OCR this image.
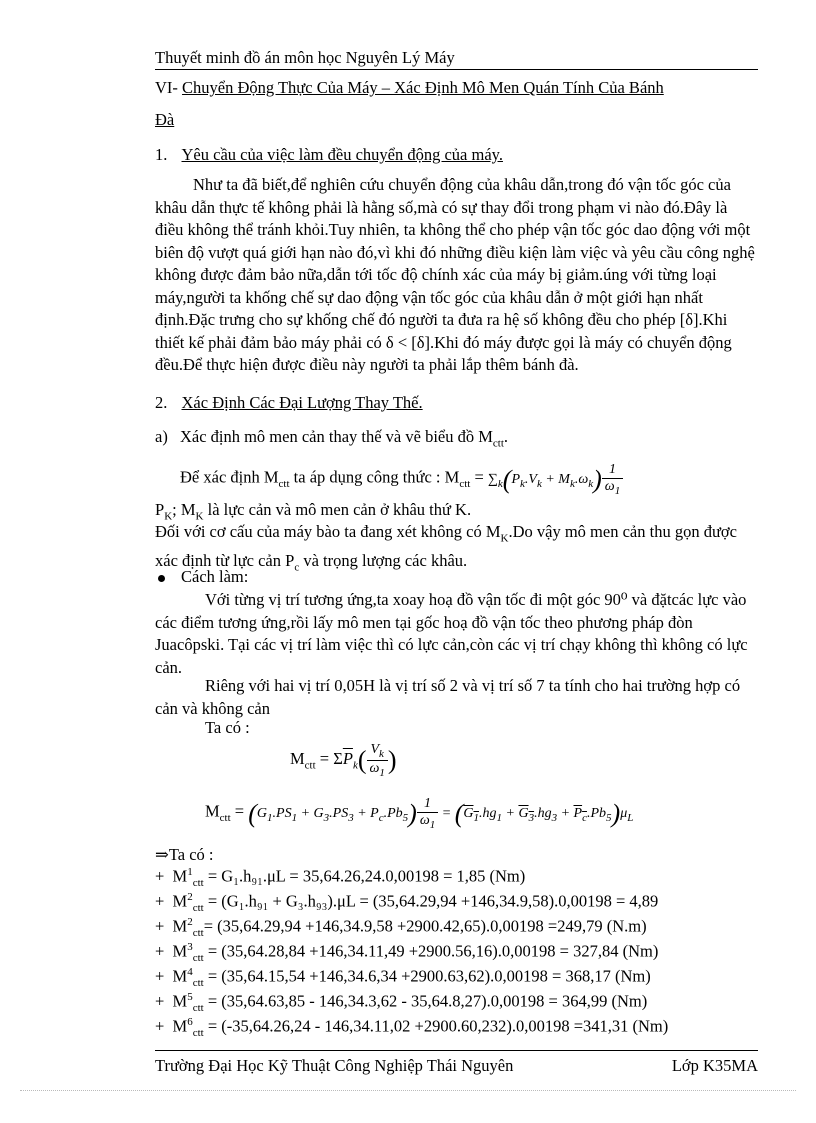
Thuyết minh đồ án môn học Nguyên Lý Máy
VI- Chuyển Động Thực Của Máy – Xác Định Mô Men Quán Tính Của Bánh
Đà
1. Yêu cầu của việc làm đều chuyển động của máy.
Như ta đã biết,để nghiên cứu chuyển động của khâu dẫn,trong đó vận tốc góc của khâu dẫn thực tế không phải là hằng số,mà có sự thay đổi trong phạm vi nào đó.Đây là điều không thể tránh khỏi.Tuy nhiên, ta không thể cho phép vận tốc góc dao động với một biên độ vượt quá giới hạn nào đó,vì khi đó những điều kiện làm việc và yêu cầu công nghệ không được đảm bảo nữa,dẫn tới tốc độ chính xác của máy bị giảm.úng với từng loại máy,người ta khống chế sự dao động vận tốc góc của khâu dẫn ở một giới hạn nhất định.Đặc trưng cho sự khống chế đó người ta đưa ra hệ số không đều cho phép [δ].Khi thiết kế phải đảm bảo máy phải có δ < [δ].Khi đó máy được gọi là máy có chuyển động đều.Để thực hiện được điều này người ta phải lắp thêm bánh đà.
2. Xác Định Các Đại Lượng Thay Thế.
a) Xác định mô men cản thay thế và vẽ biểu đồ $M_{ctt}$.
Để xác định $M_{ctt}$ ta áp dụng công thức : $M_{ctt} = \sum_k(P_k.V_k + M_k.\omega_k) \frac{1}{\omega_1}$
$P_K$; $M_K$ là lực cản và mô men cản ở khâu thứ K.
Đối với cơ cấu của máy bào ta đang xét không có $M_K.Do$ vậy mô men cản thu gọn được xác định từ lực cản $P_c$ và trọng lượng các khâu.
Cách làm:
Với từng vị trí tương ứng,ta xoay hoạ đồ vận tốc đi một góc 90⁰ và đặtcác lực vào các điểm tương ứng,rồi lấy mô men tại gốc hoạ đồ vận tốc theo phương pháp đòn Juacôpski. Tại các vị trí làm việc thì có lực cản,còn các vị trí chạy không thì không có lực cản.
Riêng với hai vị trí 0,05H là vị trí số 2 và vị trí số 7 ta tính cho hai trường hợp có cản và không cản
Ta có :
$M_{ctt} = \Sigma\overline{P}_k( \frac{V_k}{\omega_1}$ )
$M_{ctt} = (G_1.PS_1 + G_3.PS_3 + P_c.Pb_5) \frac{1}{\omega_1} = (G_1.hg_1 + G_3.hg_3 + P_c.Pb_5)\mu_L$
⇒Ta có :
+  $M^1_{ctt} = G_1.h_{91}.\mu L = 35,64.26,24.0,00198 = 1,85$ (Nm)
+  $M^2_{ctt} = (G_1.h_{91} + G_3.h_{93}).\mu L = (35,64.29,94 +146,34.9,58).0,00198 = 4,89$
+  $M^2_{ctt}= (35,64.29,94 +146,34.9,58 +2900.42,65).0,00198 =249,79$ (N.m)
+  $M^3_{ctt} = (35,64.28,84 +146,34.11,49 +2900.56,16).0,00198 = 327,84$ (Nm)
+  $M^4_{ctt} = (35,64.15,54 +146,34.6,34 +2900.63,62).0,00198 = 368,17$ (Nm)
+  $M^5_{ctt} = (35,64.63,85 - 146,34.3,62 - 35,64.8,27).0,00198 = 364,99$ (Nm)
+  $M^6_{ctt} = (-35,64.26,24 - 146,34.11,02 +2900.60,232).0,00198 =341,31$ (Nm)
Trường Đại Học Kỹ Thuật Công Nghiệp Thái Nguyên	Lớp K35MA
